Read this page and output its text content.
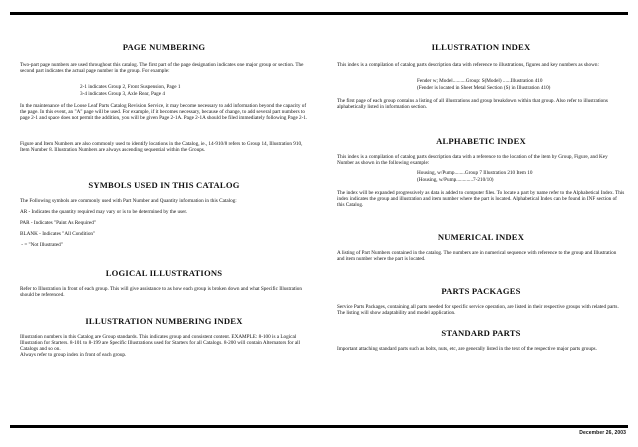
PAGE NUMBERING

Two-part page numbers are used throughout this catalog. The first part of the page designation indicates one major group or section. The second part indicates the actual page number in the group. For example:

2-1 indicates Group 2, Front Suspension, Page 1

3-4 indicates Group 3, Axle Rear, Page 4

In the maintenance of the Loose Leaf Parts Catalog Revision Service, it may become necessary to add information beyond the capacity of the page. In this event, an "A" page will be used. For example, if it becomes necessary, because of change, to add several part numbers to page 2-1 and space does not permit the addition, you will be given Page 2-1A. Page 2-1A should be filed immediately following Page 2-1.

Figure and Item Numbers are also commonly used to identify locations in the Catalog, ie., 14-910/8 refers to Group 14, Illustration 910, Item Number 8. Illustration Numbers are always ascending sequential within the Groups.

SYMBOLS USED IN THIS CATALOG

The Following symbols are commonly used with Part Number and Quantity information in this Catalog:

AR - Indicates the quantity required may vary or is to be determined by the user.

PAR - Indicates "Paint As Required"

BLANK - Indicates "All Condition"

- = "Not Illustrated"

LOGICAL ILLUSTRATIONS

Refer to Illustration in front of each group. This will give assistance to as how each group is broken down and what Specific Illustration should be referenced.

ILLUSTRATION NUMBERING INDEX

Illustration numbers in this Catalog are Group standards. This indicates group and consistent content. EXAMPLE: 8-100 is a Logical Illustration for Starters. 8-101 to 8-199 are Specific Illustrations used for Starters for all Catalogs. 8-200 will contain Alternators for all Catalogs and so on.

Always refer to group index in front of each group.

ILLUSTRATION INDEX

This index is a compilation of catalog parts description data with reference to illustrations, figures and key numbers as shown:

Fender w; Model..........Group: S(Model) ......Illustration 410

(Fender is located in Sheet Metal Section (S) in Illustration 410)

The first page of each group contains a listing of all illustrations and group breakdown within that group. Also refer to illustrations alphabetically listed in information section.

ALPHABETIC INDEX

This index is a compilation of catalog parts description data with a reference to the location of the item by Group, Figure, and Key Number as shown in the following example:

Housing, w/Pump........Group 7 Illustration 210 Item 10

(Housing, w/Pump.............7-210/10)

The index will be expanded progressively as data is added to computer files. To locate a part by name refer to the Alphabetical Index. This index indicates the group and illustration and item number where the part is located. Alphabetical Index can be found in INF section of this Catalog.

NUMERICAL INDEX

A listing of Part Numbers contained in the catalog. The numbers are in numerical sequence with reference to the group and Illustration and item number where the part is located.

PARTS PACKAGES

Service Parts Packages, containing all parts needed for specific service operation, are listed in their respective groups with related parts. The listing will show adaptability and model application.

STANDARD PARTS

Important attaching standard parts such as bolts, nuts, etc, are generally listed in the text of the respective major parts groups.

December 26, 2003
